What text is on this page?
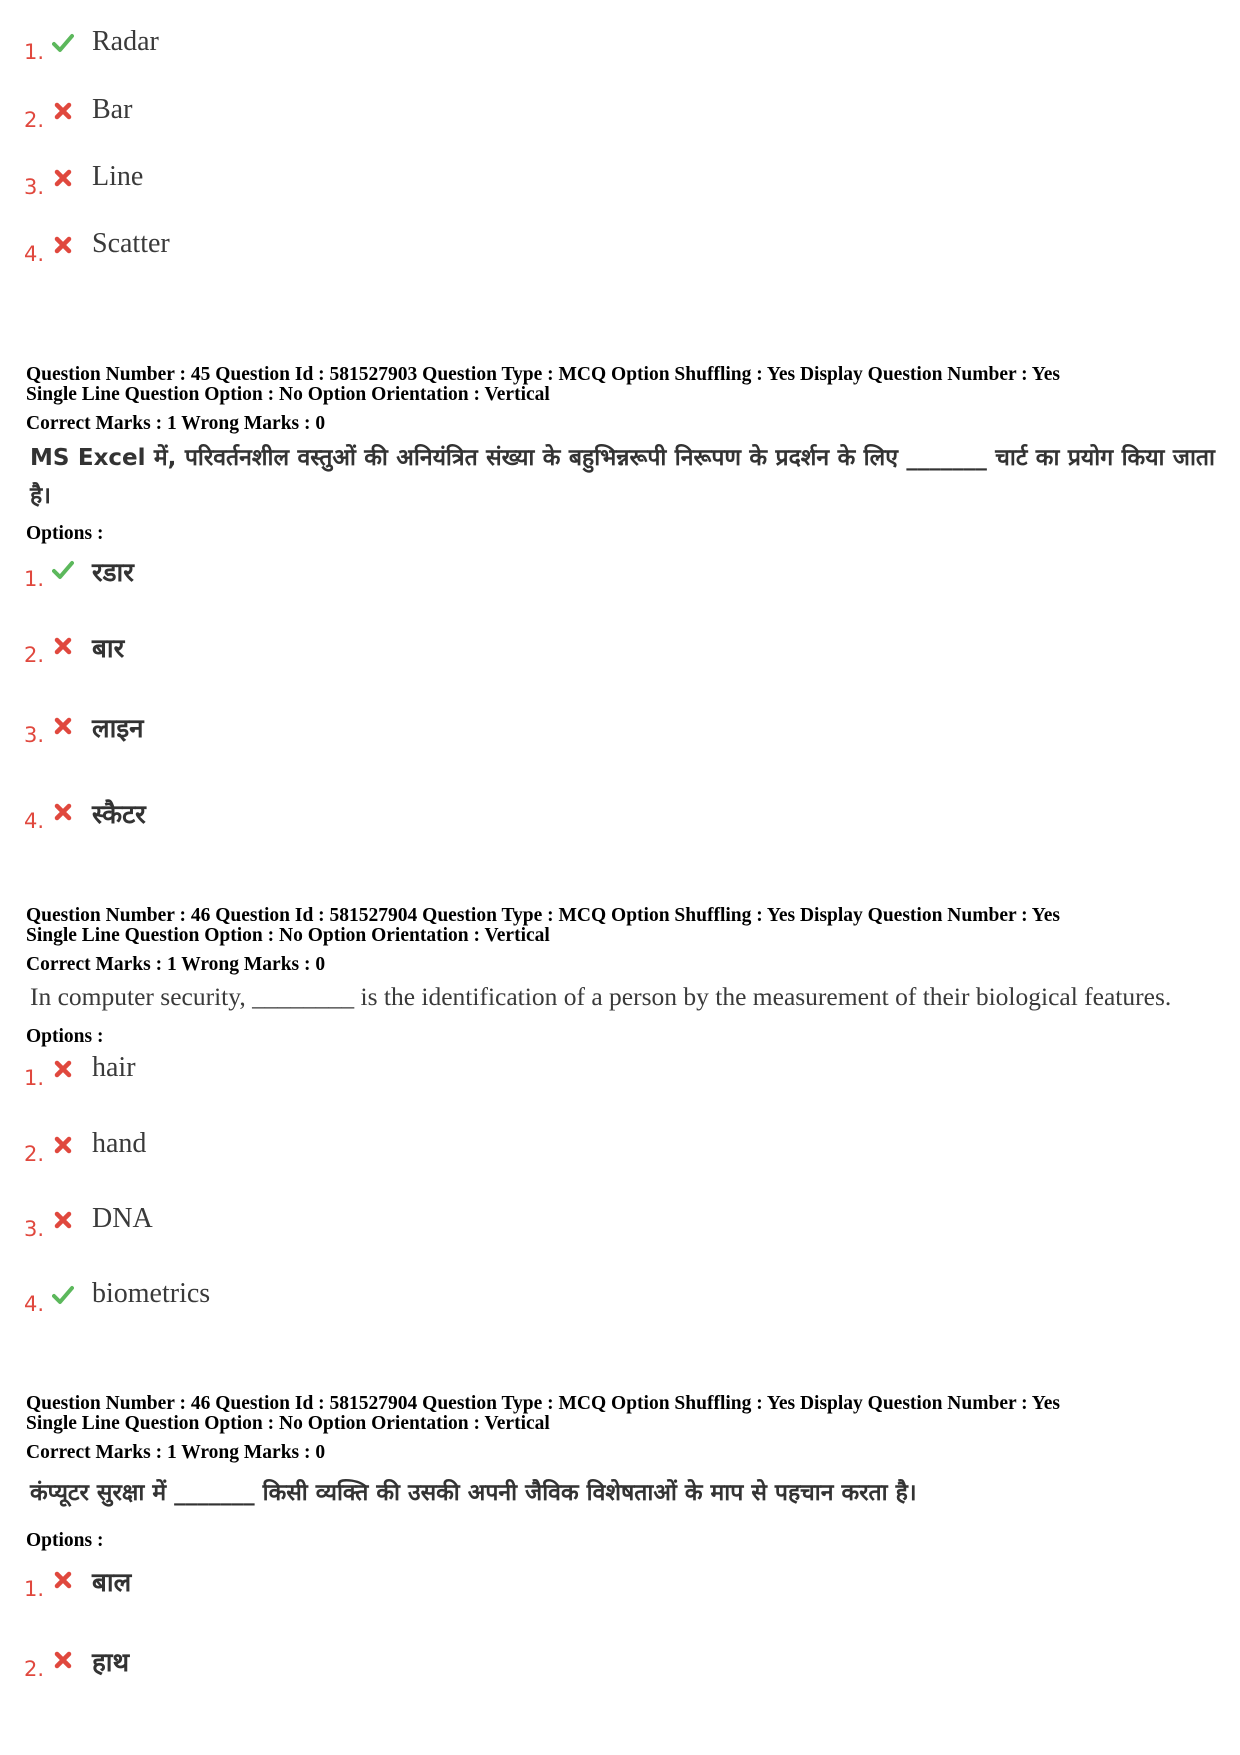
1. Radar
2. Bar
3. Line
4. Scatter
Question Number : 45 Question Id : 581527903 Question Type : MCQ Option Shuffling : Yes Display Question Number : Yes
Single Line Question Option : No Option Orientation : Vertical
Correct Marks : 1 Wrong Marks : 0
MS Excel में, परिवर्तनशील वस्तुओं की अनियंत्रित संख्या के बहुभिन्नरूपी निरूपण के प्रदर्शन के लिए _______ चार्ट का प्रयोग किया जाता है।
Options :
1. रडार
2. बार
3. लाइन
4. स्कैटर
Question Number : 46 Question Id : 581527904 Question Type : MCQ Option Shuffling : Yes Display Question Number : Yes
Single Line Question Option : No Option Orientation : Vertical
Correct Marks : 1 Wrong Marks : 0
In computer security, ________ is the identification of a person by the measurement of their biological features.
Options :
1. hair
2. hand
3. DNA
4. biometrics
Question Number : 46 Question Id : 581527904 Question Type : MCQ Option Shuffling : Yes Display Question Number : Yes
Single Line Question Option : No Option Orientation : Vertical
Correct Marks : 1 Wrong Marks : 0
कंप्यूटर सुरक्षा में _______ किसी व्यक्ति की उसकी अपनी जैविक विशेषताओं के माप से पहचान करता है।
Options :
1. बाल
2. हाथ
